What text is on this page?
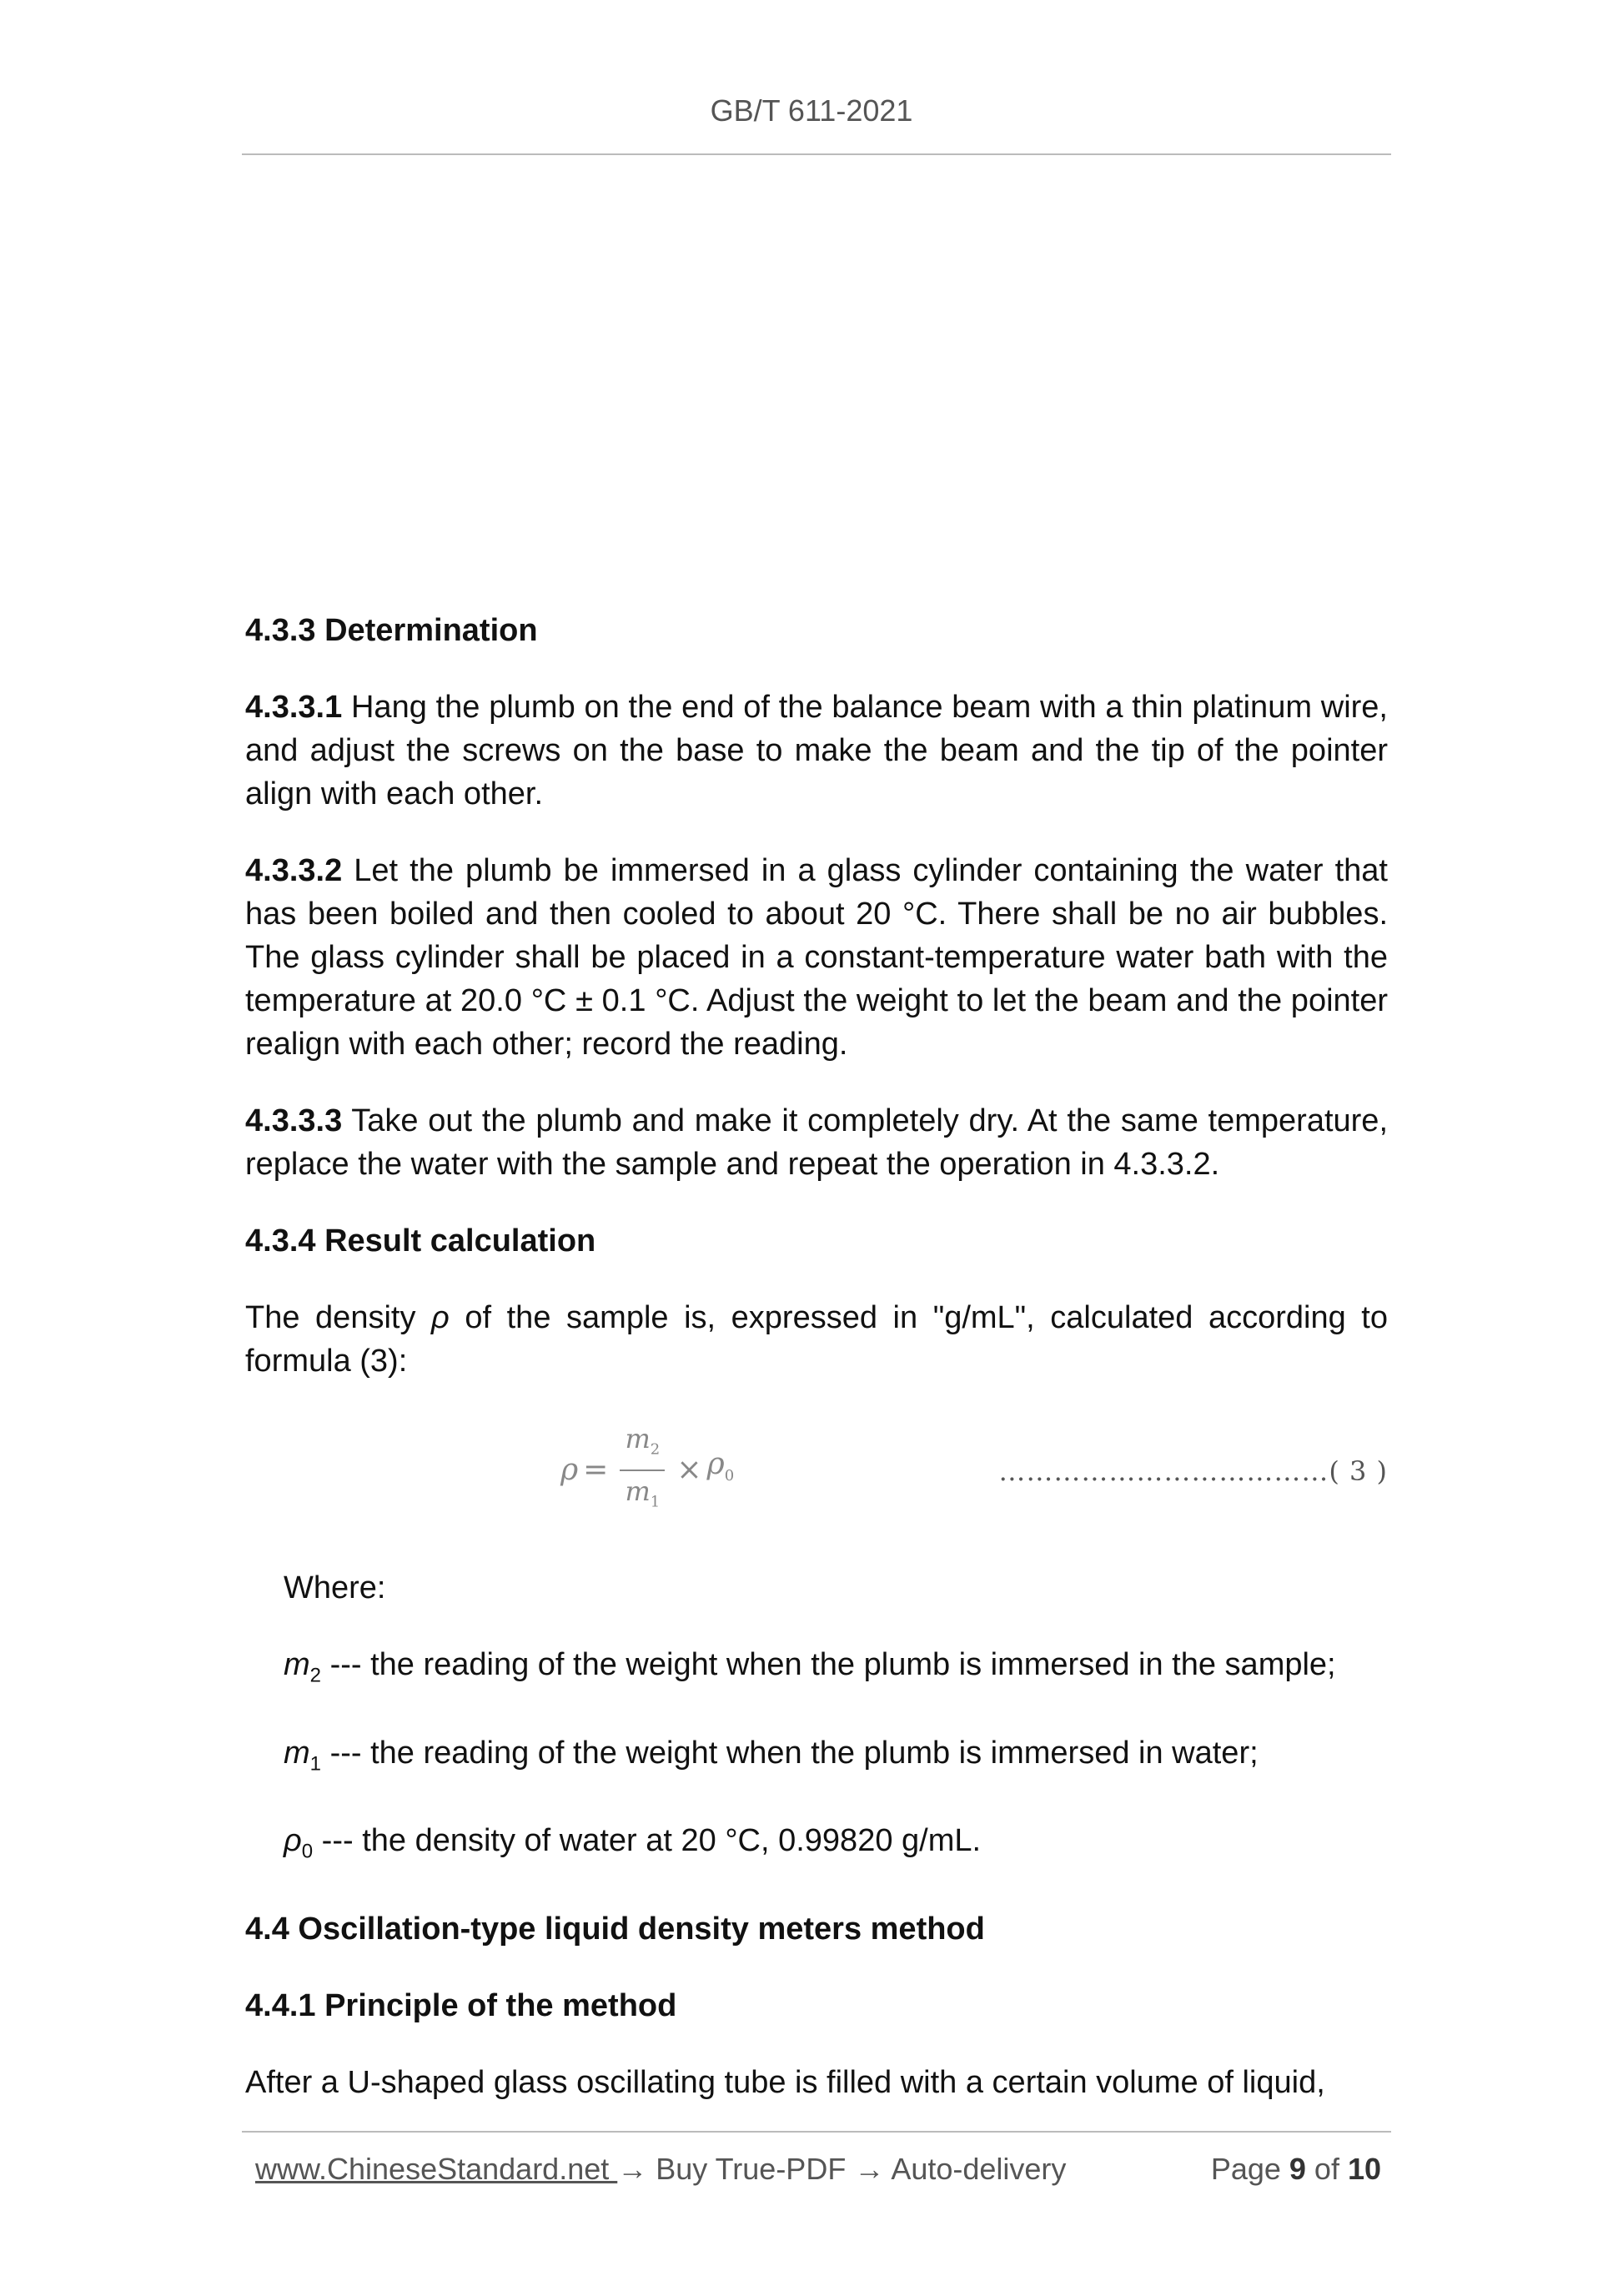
GB/T 611-2021

4.3.3 Determination

4.3.3.1 Hang the plumb on the end of the balance beam with a thin platinum wire, and adjust the screws on the base to make the beam and the tip of the pointer align with each other.

4.3.3.2 Let the plumb be immersed in a glass cylinder containing the water that has been boiled and then cooled to about 20 °C. There shall be no air bubbles. The glass cylinder shall be placed in a constant-temperature water bath with the temperature at 20.0 °C ± 0.1 °C. Adjust the weight to let the beam and the pointer realign with each other; record the reading.

4.3.3.3 Take out the plumb and make it completely dry. At the same temperature, replace the water with the sample and repeat the operation in 4.3.3.2.

4.3.4 Result calculation

The density ρ of the sample is, expressed in "g/mL", calculated according to formula (3):

$\rho = \frac{m_2}{m_1} \times \rho_0$	………………………………( 3 )

Where:

$m_2$ --- the reading of the weight when the plumb is immersed in the sample;

$m_1$ --- the reading of the weight when the plumb is immersed in water;

$\rho_0$ --- the density of water at 20 °C, 0.99820 g/mL.

4.4 Oscillation-type liquid density meters method

4.4.1 Principle of the method

After a U-shaped glass oscillating tube is filled with a certain volume of liquid,

www.ChineseStandard.net → Buy True-PDF → Auto-delivery	Page 9 of 10
